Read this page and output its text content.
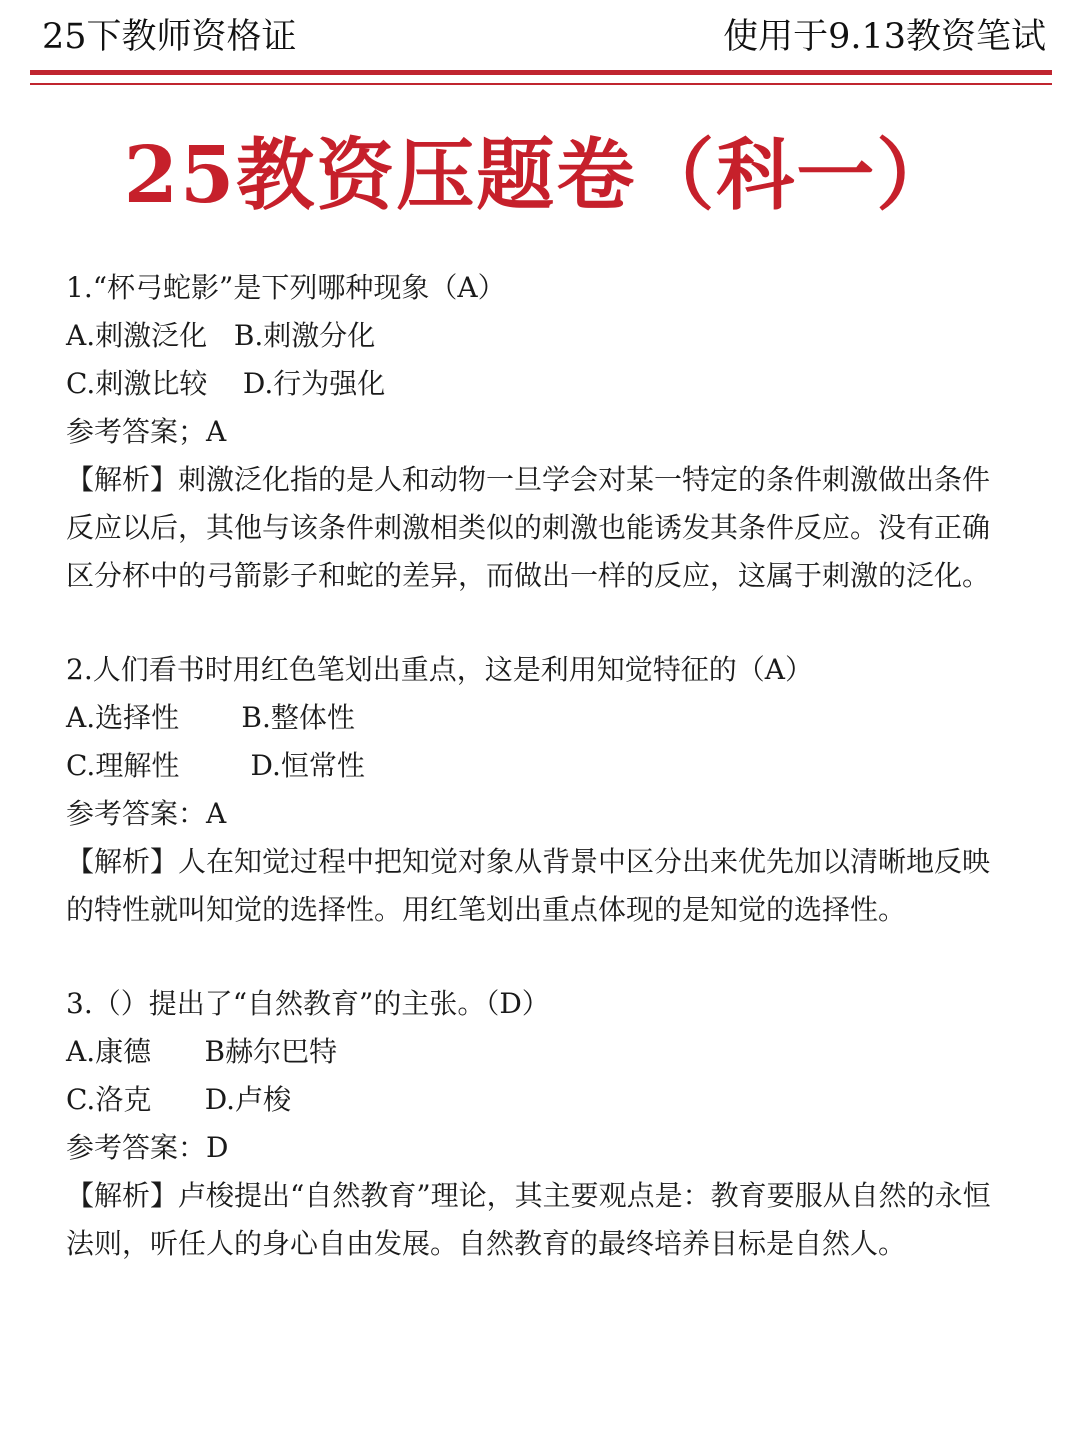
25下教师资格证	使用于9.13教资笔试
25教资压题卷（科一）
1.“杯弓蛇影”是下列哪种现象（A）
A.刺激泛化   B.刺激分化
C.刺激比较    D.行为强化
参考答案；A
【解析】刺激泛化指的是人和动物一旦学会对某一特定的条件刺激做出条件反应以后，其他与该条件刺激相类似的刺激也能诱发其条件反应。没有正确区分杯中的弓箭影子和蛇的差异，而做出一样的反应，这属于刺激的泛化。
2.人们看书时用红色笔划出重点，这是利用知觉特征的（A）
A.选择性       B.整体性
C.理解性        D.恒常性
参考答案：A
【解析】人在知觉过程中把知觉对象从背景中区分出来优先加以清晰地反映的特性就叫知觉的选择性。用红笔划出重点体现的是知觉的选择性。
3.（）提出了“自然教育”的主张。（D）
A.康德      B赫尔巴特
C.洛克      D.卢梭
参考答案：D
【解析】卢梭提出“自然教育”理论，其主要观点是：教育要服从自然的永恒法则，听任人的身心自由发展。自然教育的最终培养目标是自然人。
